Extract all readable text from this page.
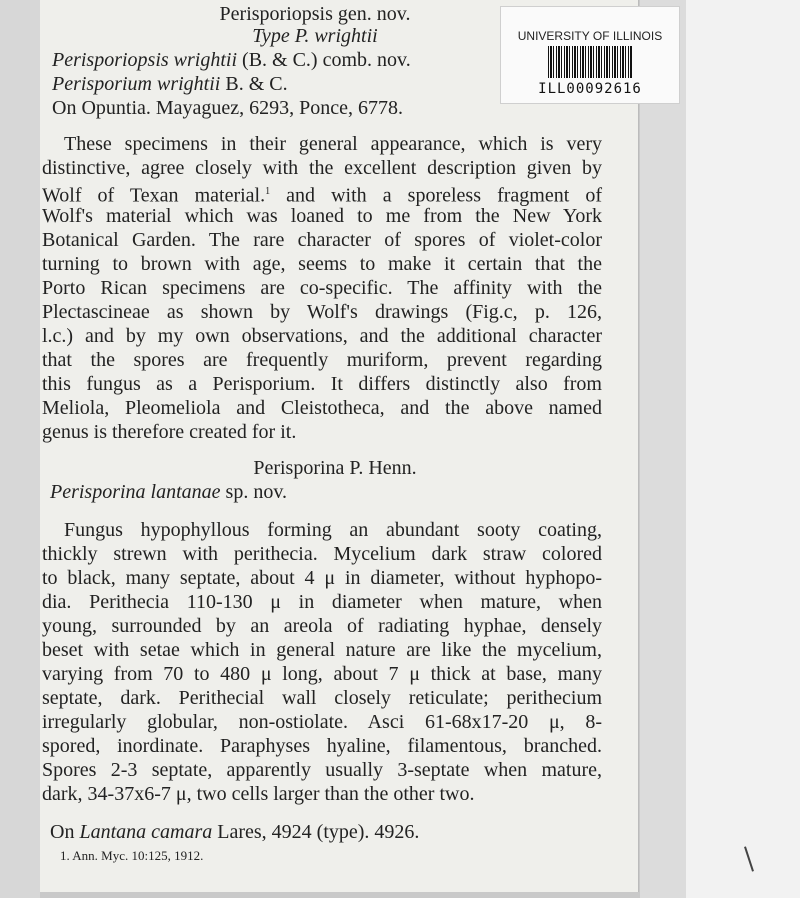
Perisporiopsis gen. nov.
Type P. wrightii
Perisporiopsis wrightii (B. & C.) comb. nov.
Perisporium wrightii B. & C.
On Opuntia. Mayaguez, 6293, Ponce, 6778.
These specimens in their general appearance, which is very
distinctive, agree closely with the excellent description given by
Wolf of Texan material.$^1$ and with a sporeless fragment of
Wolf's material which was loaned to me from the New York
Botanical Garden. The rare character of spores of violet-color
turning to brown with age, seems to make it certain that the
Porto Rican specimens are co-specific. The affinity with the
Plectascineae as shown by Wolf's drawings (Fig.c, p. 126,
l.c.) and by my own observations, and the additional character
that the spores are frequently muriform, prevent regarding
this fungus as a Perisporium. It differs distinctly also from
Meliola, Pleomeliola and Cleistotheca, and the above named
genus is therefore created for it.
Perisporina P. Henn.
Perisporina lantanae sp. nov.
Fungus hypophyllous forming an abundant sooty coating,
thickly strewn with perithecia. Mycelium dark straw colored
to black, many septate, about 4 μ in diameter, without hyphopo-
dia. Perithecia 110-130 μ in diameter when mature, when
young, surrounded by an areola of radiating hyphae, densely
beset with setae which in general nature are like the mycelium,
varying from 70 to 480 μ long, about 7 μ thick at base, many
septate, dark. Perithecial wall closely reticulate; perithecium
irregularly globular, non-ostiolate. Asci 61-68x17-20 μ, 8-
spored, inordinate. Paraphyses hyaline, filamentous, branched.
Spores 2-3 septate, apparently usually 3-septate when mature,
dark, 34-37x6-7 μ, two cells larger than the other two.
On Lantana camara Lares, 4924 (type). 4926.
1. Ann. Myc. 10:125, 1912.
UNIVERSITY OF ILLINOIS
ILL00092616
